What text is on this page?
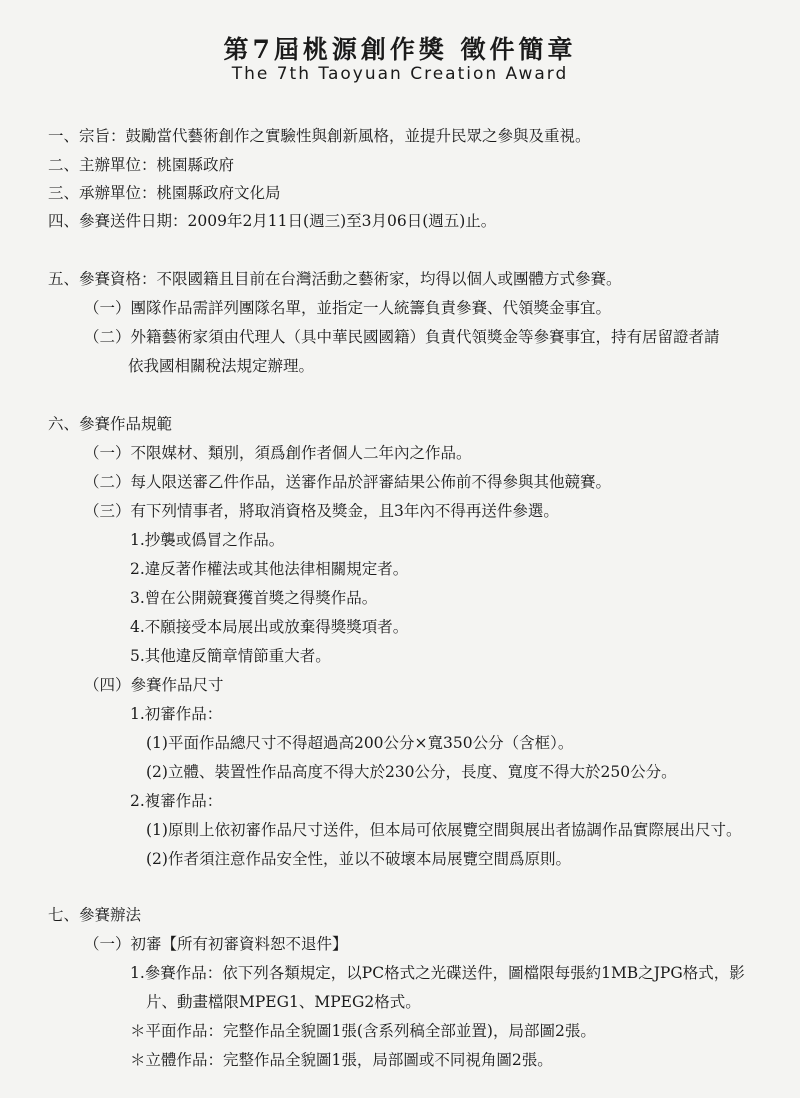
第7屆桃源創作獎 徵件簡章
The 7th Taoyuan Creation Award
一、宗旨：鼓勵當代藝術創作之實驗性與創新風格，並提升民眾之參與及重視。
二、主辦單位：桃園縣政府
三、承辦單位：桃園縣政府文化局
四、參賽送件日期：2009年2月11日(週三)至3月06日(週五)止。
五、參賽資格：不限國籍且目前在台灣活動之藝術家，均得以個人或團體方式參賽。
（一）團隊作品需詳列團隊名單，並指定一人統籌負責參賽、代領獎金事宜。
（二）外籍藝術家須由代理人（具中華民國國籍）負責代領獎金等參賽事宜，持有居留證者請
依我國相關稅法規定辦理。
六、參賽作品規範
（一）不限媒材、類別，須爲創作者個人二年內之作品。
（二）每人限送審乙件作品，送審作品於評審結果公佈前不得參與其他競賽。
（三）有下列情事者，將取消資格及獎金，且3年內不得再送件參選。
1.抄襲或僞冒之作品。
2.違反著作權法或其他法律相關規定者。
3.曾在公開競賽獲首獎之得獎作品。
4.不願接受本局展出或放棄得獎獎項者。
5.其他違反簡章情節重大者。
（四）參賽作品尺寸
1.初審作品：
(1)平面作品總尺寸不得超過高200公分×寬350公分（含框）。
(2)立體、裝置性作品高度不得大於230公分，長度、寬度不得大於250公分。
2.複審作品：
(1)原則上依初審作品尺寸送件，但本局可依展覽空間與展出者協調作品實際展出尺寸。
(2)作者須注意作品安全性，並以不破壞本局展覽空間爲原則。
七、參賽辦法
（一）初審【所有初審資料恕不退件】
1.參賽作品：依下列各類規定，以PC格式之光碟送件，圖檔限每張約1MB之JPG格式，影
片、動畫檔限MPEG1、MPEG2格式。
＊平面作品：完整作品全貌圖1張(含系列稿全部並置)，局部圖2張。
＊立體作品：完整作品全貌圖1張，局部圖或不同視角圖2張。
